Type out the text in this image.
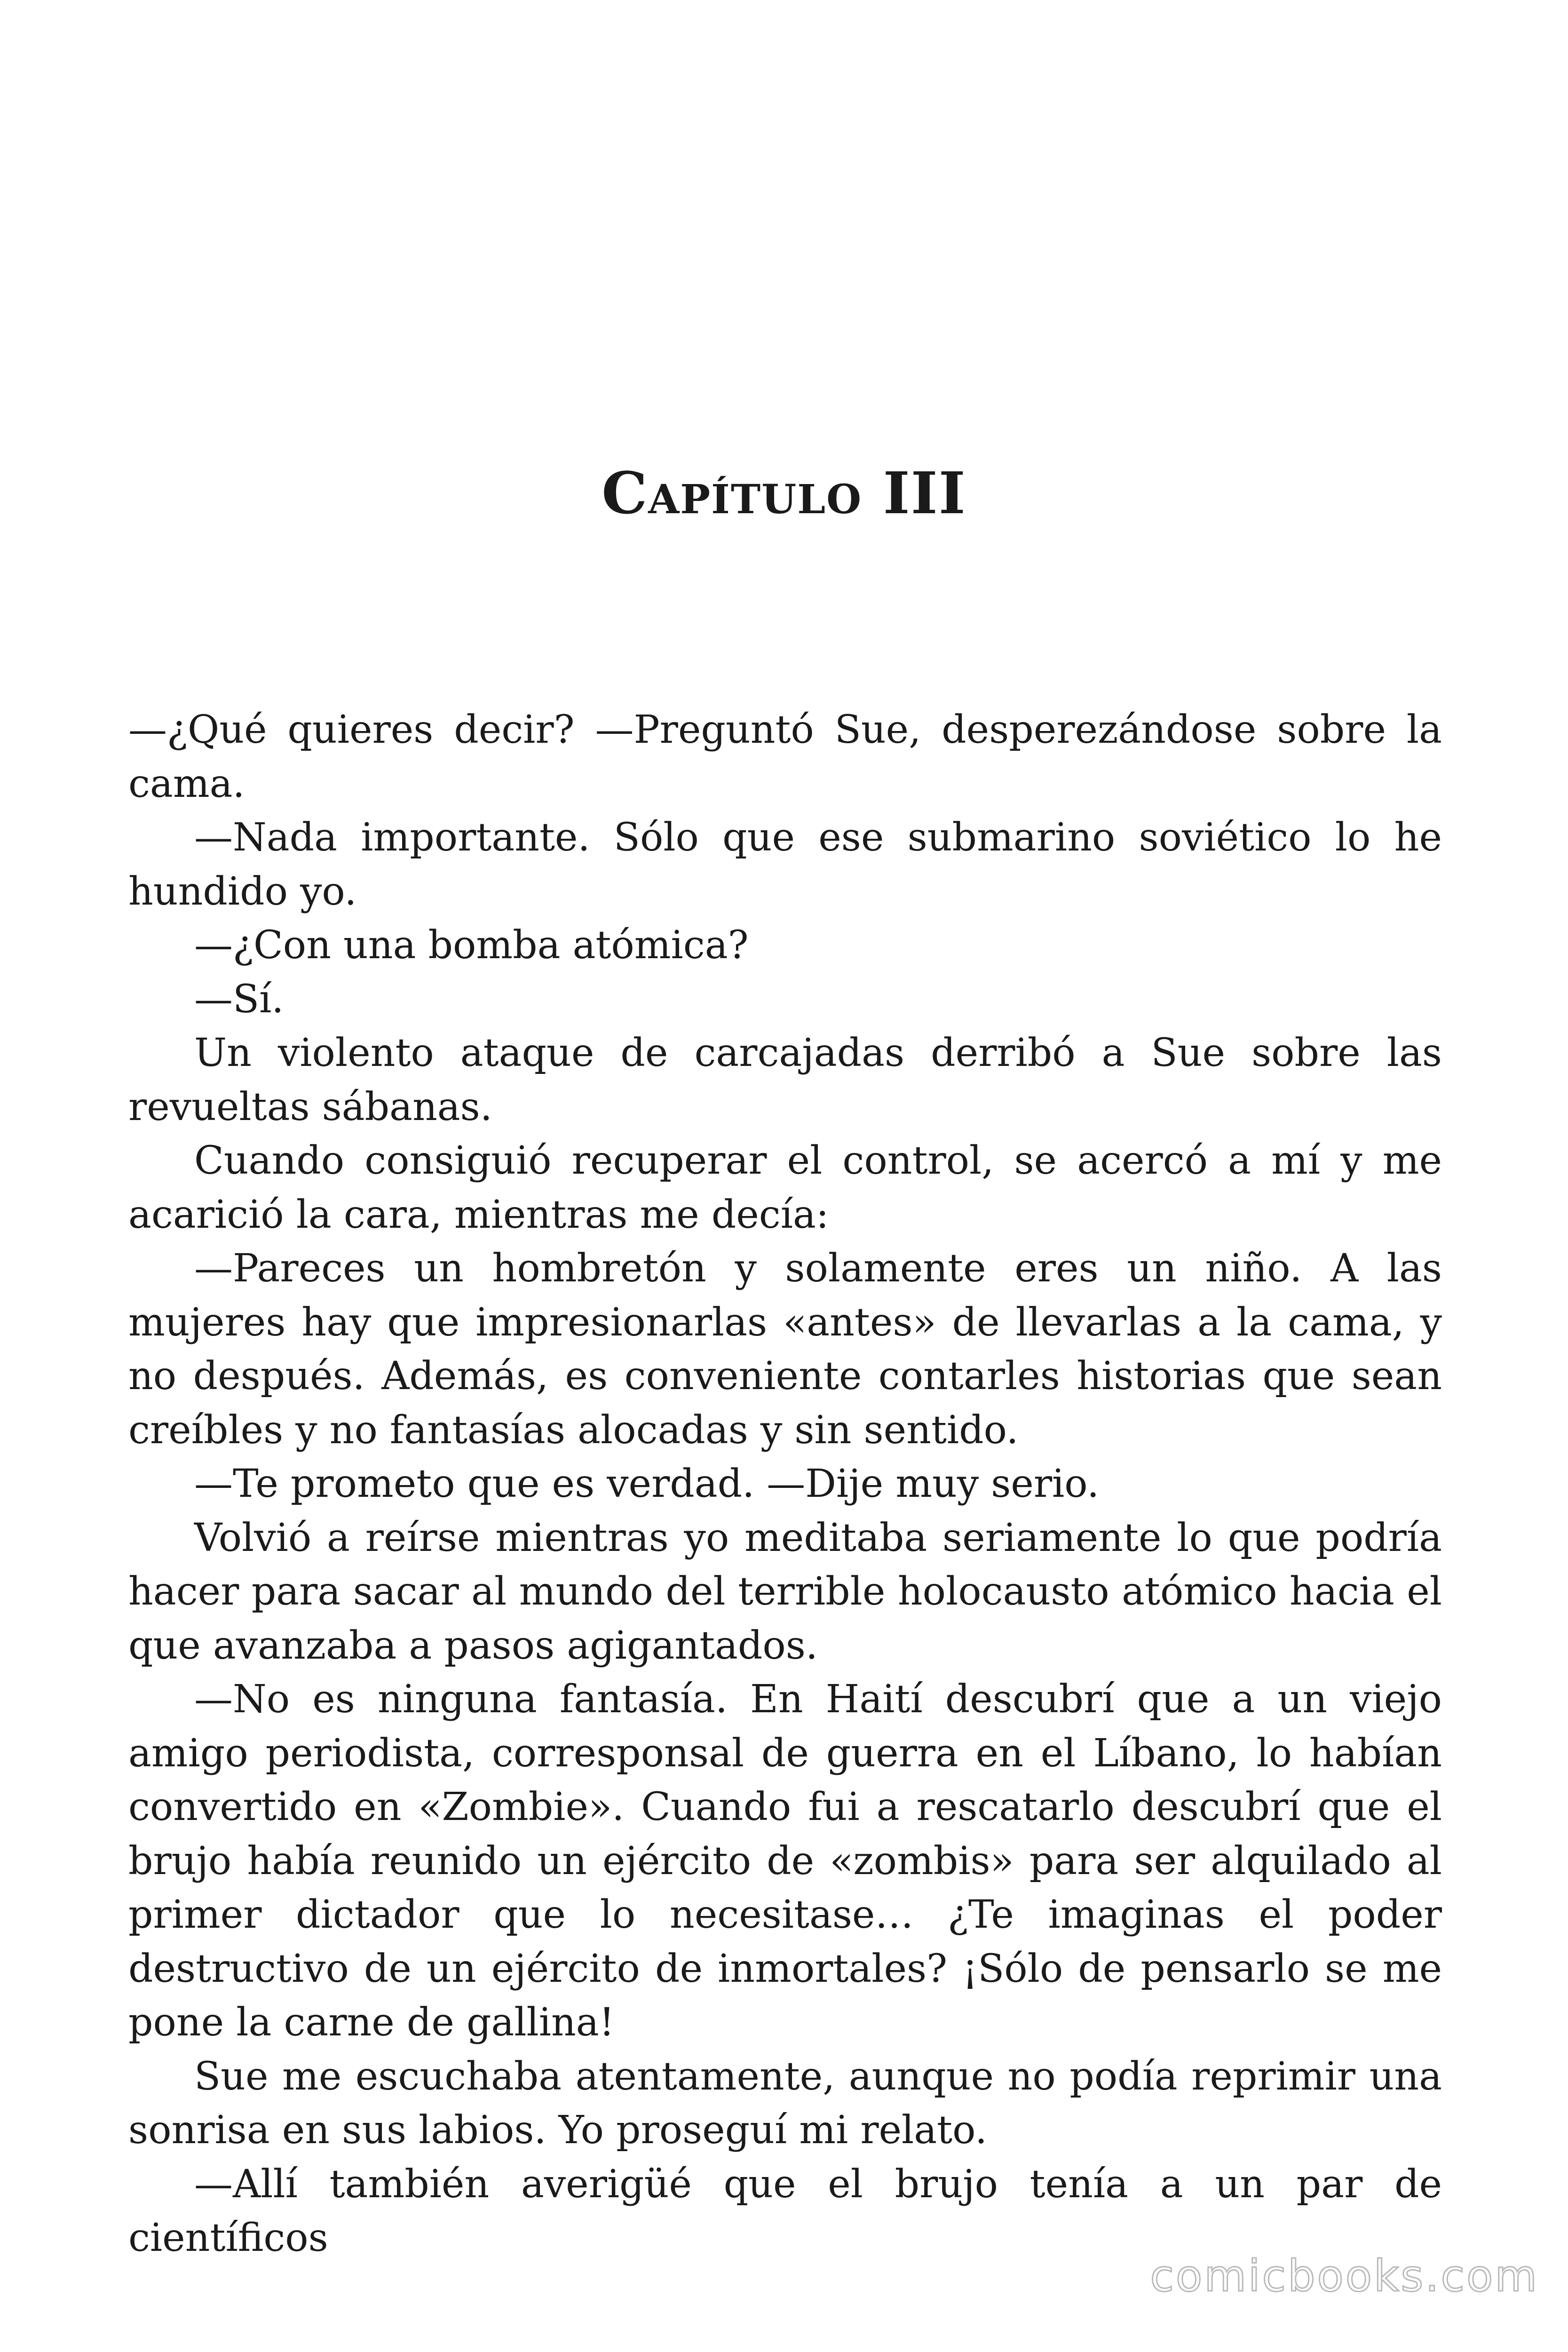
Capítulo III

—¿Qué quieres decir? —Preguntó Sue, desperezándose sobre la cama.

—Nada importante. Sólo que ese submarino soviético lo he hundido yo.

—¿Con una bomba atómica?

—Sí.

Un violento ataque de carcajadas derribó a Sue sobre las revueltas sábanas.

Cuando consiguió recuperar el control, se acercó a mí y me acarició la cara, mientras me decía:

—Pareces un hombretón y solamente eres un niño. A las mujeres hay que impresionarlas «antes» de llevarlas a la cama, y no después. Además, es conveniente contarles historias que sean creíbles y no fantasías alocadas y sin sentido.

—Te prometo que es verdad. —Dije muy serio.

Volvió a reírse mientras yo meditaba seriamente lo que podría hacer para sacar al mundo del terrible holocausto atómico hacia el que avanzaba a pasos agigantados.

—No es ninguna fantasía. En Haití descubrí que a un viejo amigo periodista, corresponsal de guerra en el Líbano, lo habían convertido en «Zombie». Cuando fui a rescatarlo descubrí que el brujo había reunido un ejército de «zombis» para ser alquilado al primer dictador que lo necesitase… ¿Te imaginas el poder destructivo de un ejército de inmortales? ¡Sólo de pensarlo se me pone la carne de gallina!

Sue me escuchaba atentamente, aunque no podía reprimir una sonrisa en sus labios. Yo proseguí mi relato.

—Allí también averigüé que el brujo tenía a un par de científicos

comicbooks.com
